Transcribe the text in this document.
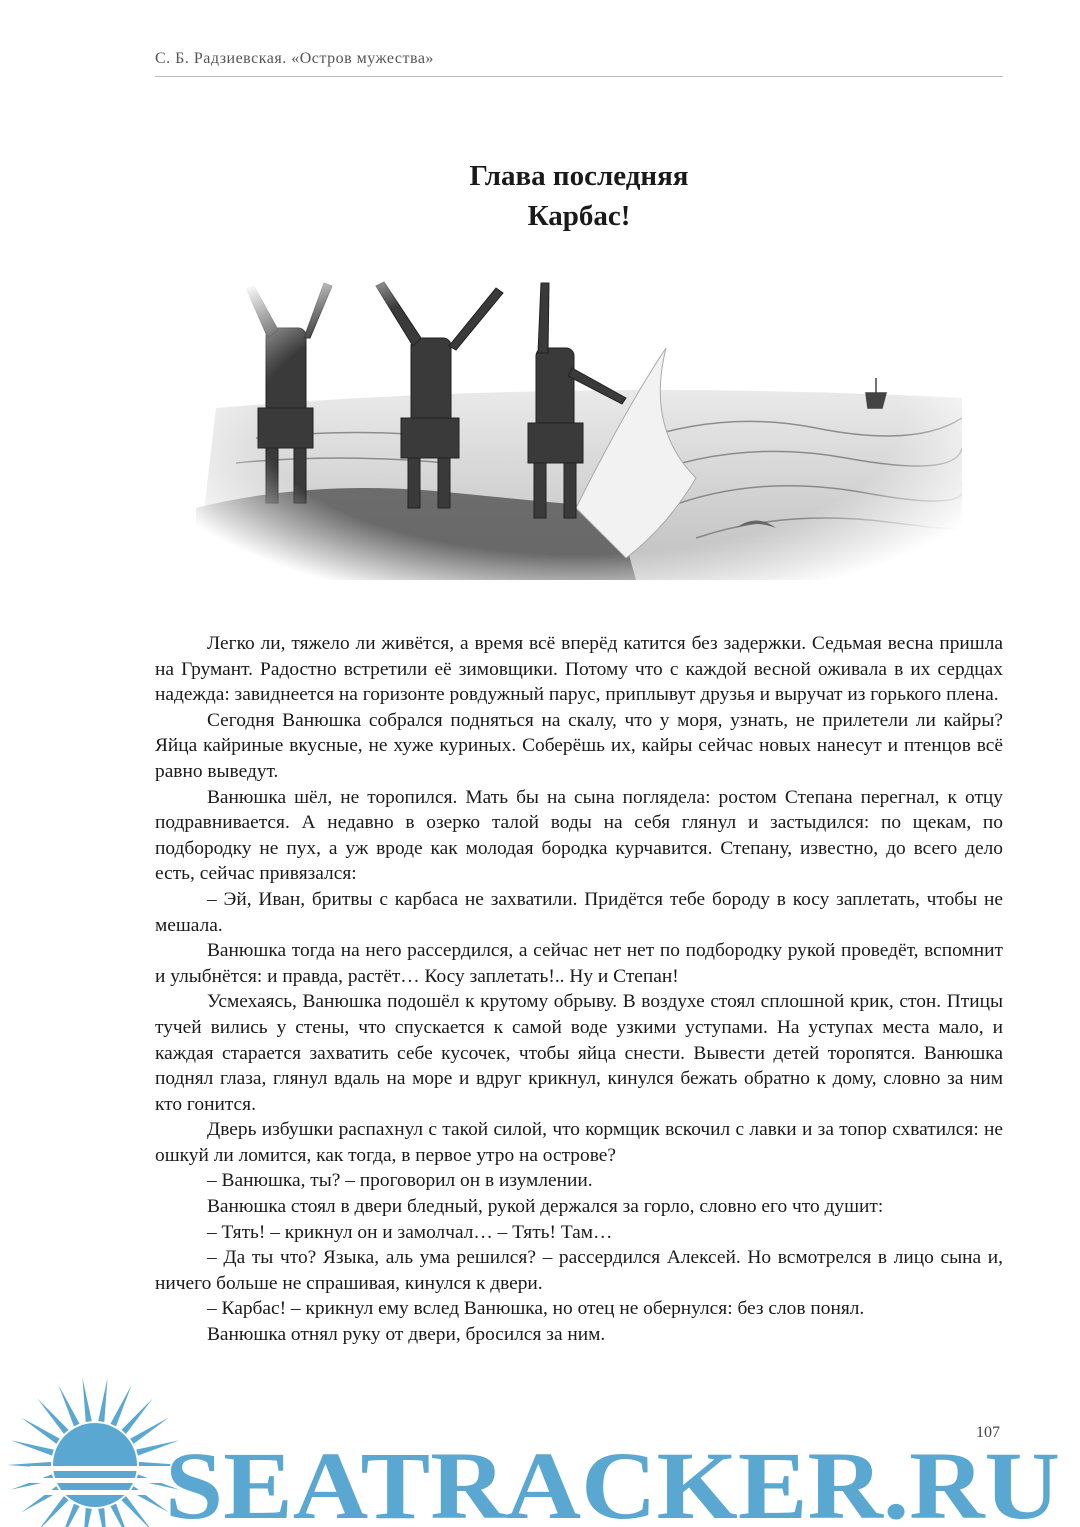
С. Б. Радзиевская. «Остров мужества»
Глава последняя
Карбас!

Легко ли, тяжело ли живётся, а время всё вперёд катится без задержки. Седьмая весна пришла на Грумант. Радостно встретили её зимовщики. Потому что с каждой весной оживала в их сердцах надежда: завиднеется на горизонте ровдужный парус, приплывут друзья и выручат из горького плена.

Сегодня Ванюшка собрался подняться на скалу, что у моря, узнать, не прилетели ли кайры? Яйца кайриные вкусные, не хуже куриных. Соберёшь их, кайры сейчас новых нанесут и птенцов всё равно выведут.

Ванюшка шёл, не торопился. Мать бы на сына поглядела: ростом Степана перегнал, к отцу подравнивается. А недавно в озерко талой воды на себя глянул и застыдился: по щекам, по подбородку не пух, а уж вроде как молодая бородка курчавится. Степану, известно, до всего дело есть, сейчас привязался:

– Эй, Иван, бритвы с карбаса не захватили. Придётся тебе бороду в косу заплетать, чтобы не мешала.

Ванюшка тогда на него рассердился, а сейчас нет нет по подбородку рукой проведёт, вспомнит и улыбнётся: и правда, растёт… Косу заплетать!.. Ну и Степан!

Усмехаясь, Ванюшка подошёл к крутому обрыву. В воздухе стоял сплошной крик, стон. Птицы тучей вились у стены, что спускается к самой воде узкими уступами. На уступах места мало, и каждая старается захватить себе кусочек, чтобы яйца снести. Вывести детей торопятся. Ванюшка поднял глаза, глянул вдаль на море и вдруг крикнул, кинулся бежать обратно к дому, словно за ним кто гонится.

Дверь избушки распахнул с такой силой, что кормщик вскочил с лавки и за топор схватился: не ошкуй ли ломится, как тогда, в первое утро на острове?

– Ванюшка, ты? – проговорил он в изумлении.

Ванюшка стоял в двери бледный, рукой держался за горло, словно его что душит:

– Тять! – крикнул он и замолчал… – Тять! Там…

– Да ты что? Языка, аль ума решился? – рассердился Алексей. Но всмотрелся в лицо сына и, ничего больше не спрашивая, кинулся к двери.

– Карбас! – крикнул ему вслед Ванюшка, но отец не обернулся: без слов понял.

Ванюшка отнял руку от двери, бросился за ним.

SEATRACKER.RU
107
